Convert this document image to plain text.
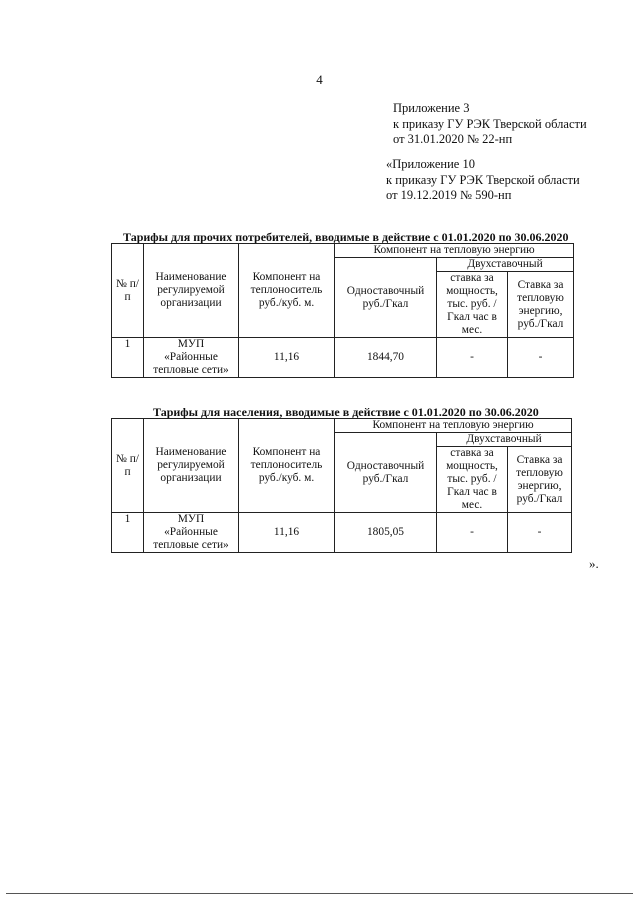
4
Приложение 3
к приказу ГУ РЭК Тверской области
от 31.01.2020 № 22-нп
«Приложение 10
к приказу ГУ РЭК Тверской области
от 19.12.2019 № 590-нп
Тарифы для прочих потребителей, вводимые в действие с 01.01.2020 по 30.06.2020
№ п/п	Наименование регулируемой организации	Компонент на теплоноситель руб./куб. м.	Компонент на тепловую энергию		
			Одноставочный руб./Гкал	Двухставочный	
				ставка за мощность, тыс. руб. /Гкал час в мес.	Ставка за тепловую энергию, руб./Гкал
1	МУП
«Районные
тепловые сети»	11,16	1844,70	-	-
Тарифы для населения, вводимые в действие с 01.01.2020 по 30.06.2020
№ п/п	Наименование регулируемой организации	Компонент на теплоноситель руб./куб. м.	Компонент на тепловую энергию		
			Одноставочный руб./Гкал	Двухставочный	
				ставка за мощность, тыс. руб. /Гкал час в мес.	Ставка за тепловую энергию, руб./Гкал
1	МУП
«Районные
тепловые сети»	11,16	1805,05	-	-
».
